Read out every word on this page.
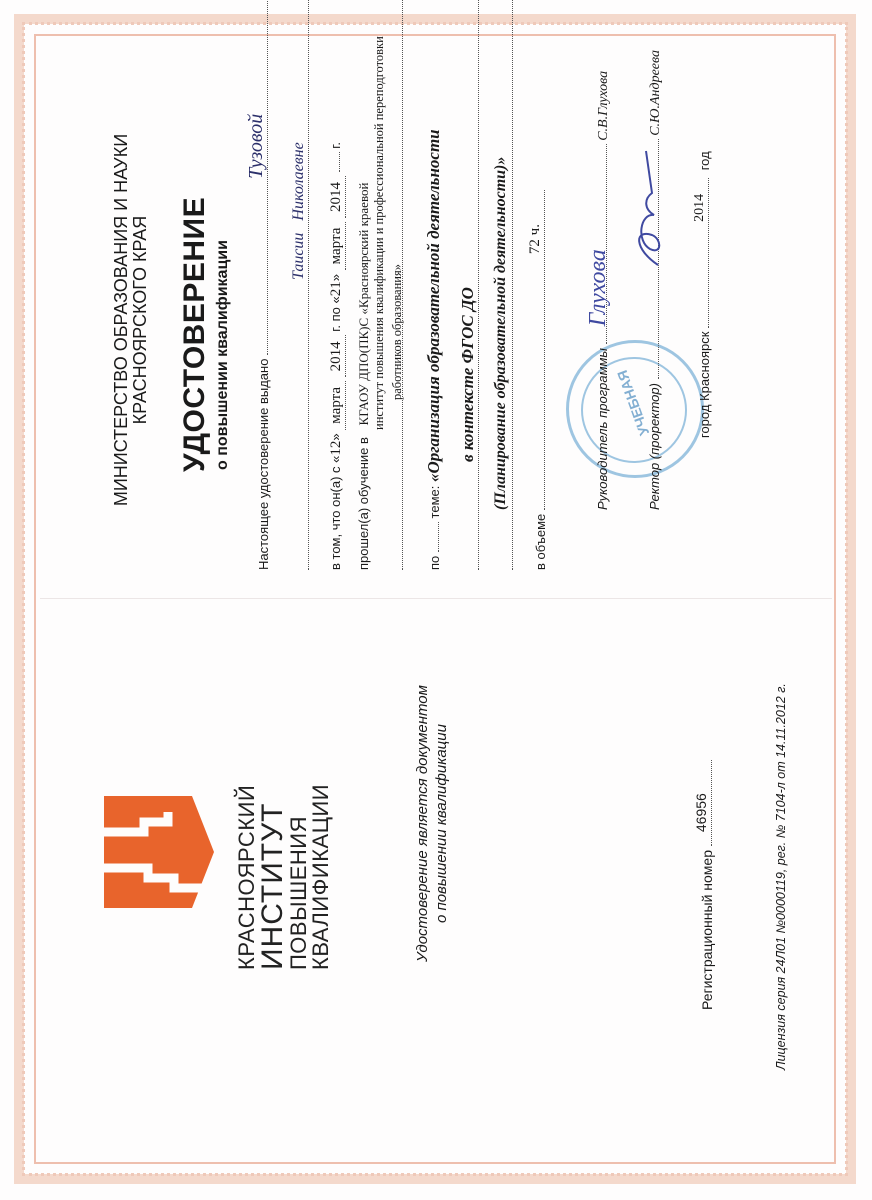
КРАСНОЯРСКИЙ
ИНСТИТУТ
ПОВЫШЕНИЯ
КВАЛИФИКАЦИИ	Удостоверение является документом о повышении квалификации
Регистрационный номер
46956	Лицензия серия 24Л01 №0000119, рег. № 7104-л от 14.11.2012 г.
МИНИСТЕРСТВО ОБРАЗОВАНИЯ И НАУКИ
КРАСНОЯРСКОГО КРАЯ УДОСТОВЕРЕНИЕ о повышении квалификации Настоящее удостоверение выдано
Тузовой Таисии Николаевне
в том, что он(а) с «12» марта 2014 г. по «21» марта 2014  г.
прошел(а) обучение в КГАОУ ДПО(ПК)С «Красноярский краевой институт повышения квалификации и профессиональной переподготовки работников образования»
по  теме: «Организация образовательной деятельности в контексте ФГОС ДО (Планирование образовательной деятельности)»
в объеме
72 ч.
УЧЕБНАЯ
Руководитель программы
Глухова
С.В.Глухова
Ректор (проректор)
С.Ю.Андреева
город Красноярск
2014
год
